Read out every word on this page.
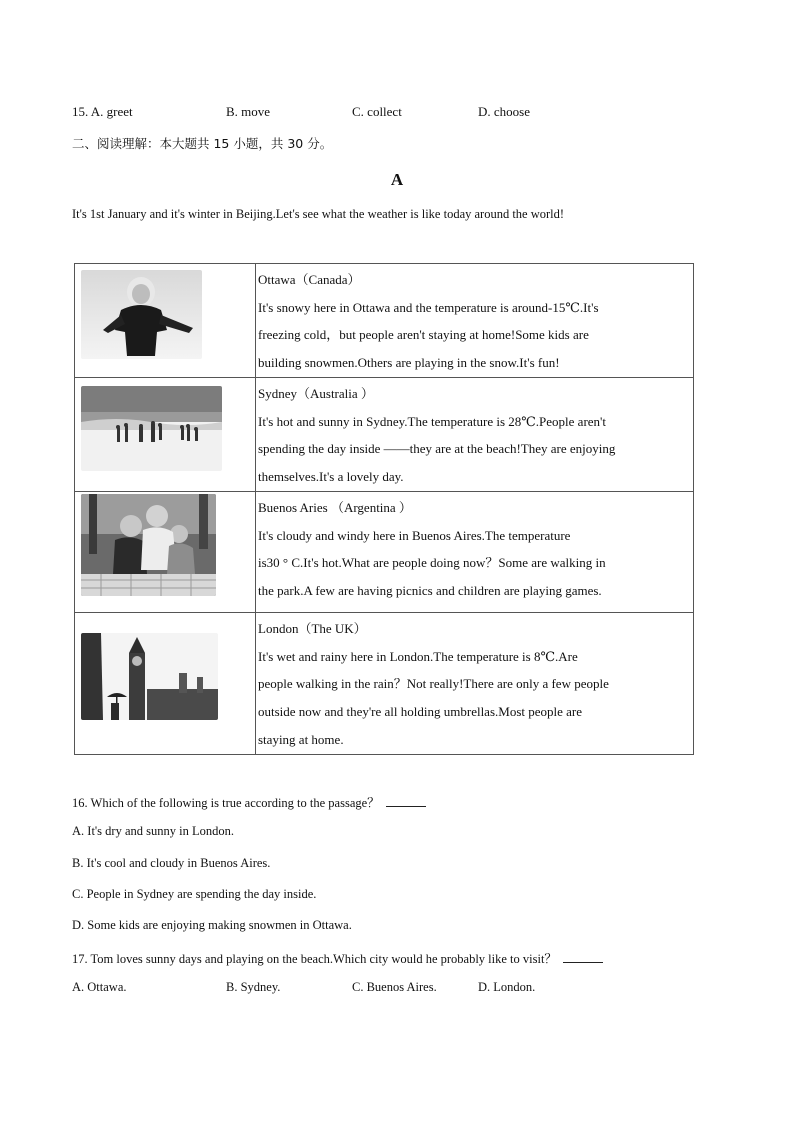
15. A. greet	B. move	C. collect	D. choose
二、阅读理解：本大题共 15 小题，共 30 分。
A
It's 1st January and it's winter in Beijing.Let's see what the weather is like today around the world!

Ottawa（Canada）
It's snowy here in Ottawa and the temperature is around-15℃.It's
freezing cold，but people aren't staying at home!Some kids are
building snowmen.Others are playing in the snow.It's fun!

Sydney（Australia ）
It's hot and sunny in Sydney.The temperature is 28℃.People aren't
spending the day inside ——they are at the beach!They are enjoying
themselves.It's a lovely day.

Buenos Aries （Argentina ）
It's cloudy and windy here in Buenos Aires.The temperature
is30 ° C.It's hot.What are people doing now？Some are walking in
the park.A few are having picnics and children are playing games.

London（The UK）
It's wet and rainy here in London.The temperature is 8℃.Are
people walking in the rain？Not really!There are only a few people
outside now and they're all holding umbrellas.Most people are
staying at home.
16. Which of the following is true according to the passage？
A. It's dry and sunny in London.
B. It's cool and cloudy in Buenos Aires.
C. People in Sydney are spending the day inside.
D. Some kids are enjoying making snowmen in Ottawa.
17. Tom loves sunny days and playing on the beach.Which city would he probably like to visit？
A. Ottawa.	B. Sydney.	C. Buenos Aires.	D. London.
